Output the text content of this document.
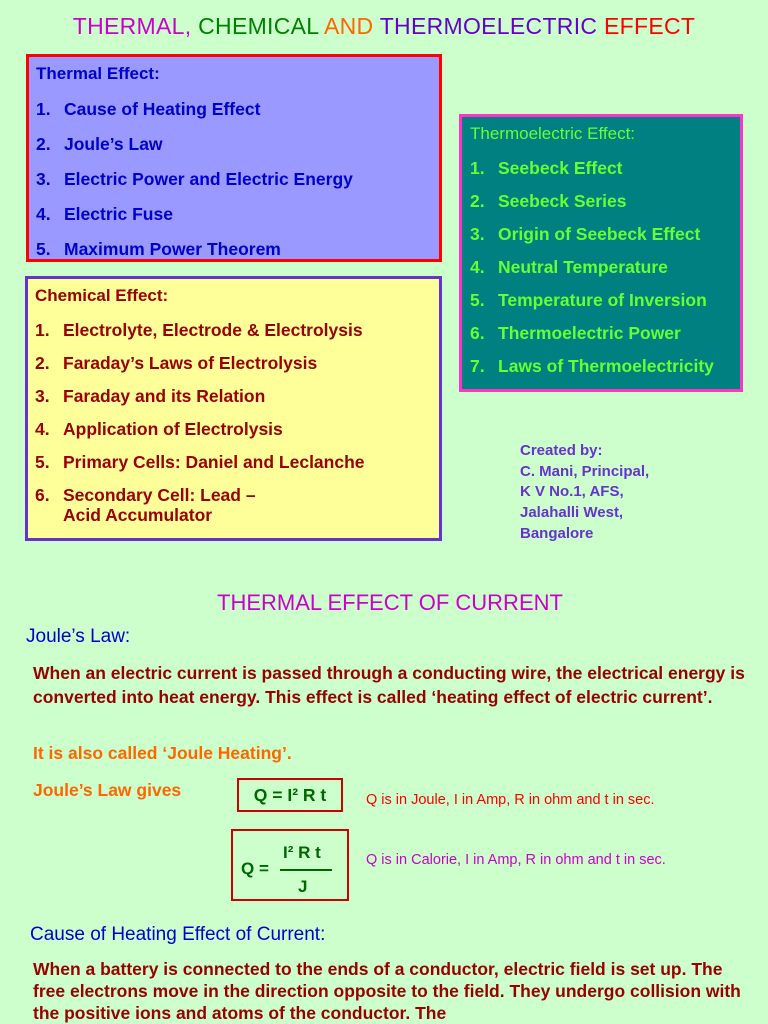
THERMAL, CHEMICAL AND THERMOELECTRIC EFFECT
Thermal Effect:
1. Cause of Heating Effect
2. Joule’s Law
3. Electric Power and Electric Energy
4. Electric Fuse
5. Maximum Power Theorem
Chemical Effect:
1. Electrolyte, Electrode & Electrolysis
2. Faraday’s Laws of Electrolysis
3. Faraday and its Relation
4. Application of Electrolysis
5. Primary Cells: Daniel and Leclanche
6. Secondary Cell: Lead – Acid Accumulator
Thermoelectric Effect:
1. Seebeck Effect
2. Seebeck Series
3. Origin of Seebeck Effect
4. Neutral Temperature
5. Temperature of Inversion
6. Thermoelectric Power
7. Laws of Thermoelectricity
Created by:
C. Mani, Principal,
K V No.1, AFS,
Jalahalli West,
Bangalore
THERMAL EFFECT OF CURRENT
Joule’s Law:
When an electric current is passed through a conducting wire, the electrical energy is converted into heat energy. This effect is called ‘heating effect of electric current’.
It is also called ‘Joule Heating’.
Joule’s Law gives	Q = I² R t	Q is in Joule, I in Amp, R in ohm and t in sec.
Q =
I² R t
J
Q is in Calorie, I in Amp, R in ohm and t in sec.
Cause of Heating Effect of Current:
When a battery is connected to the ends of a conductor, electric field is set up. The free electrons move in the direction opposite to the field. They undergo collision with the positive ions and atoms of the conductor. The
